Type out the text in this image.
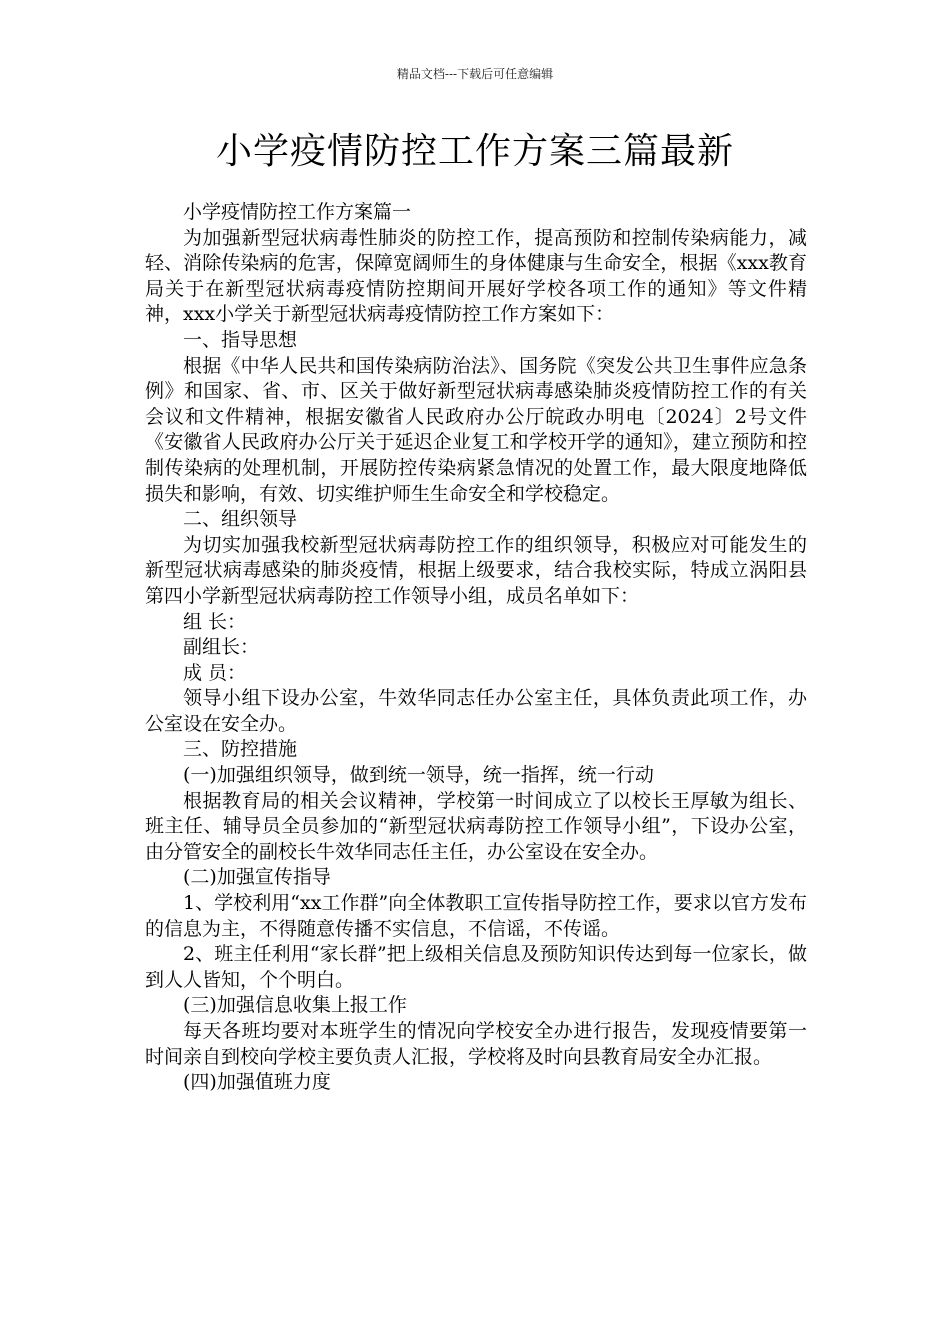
精品文档---下载后可任意编辑
小学疫情防控工作方案三篇最新

小学疫情防控工作方案篇一

为加强新型冠状病毒性肺炎的防控工作，提高预防和控制传染病能力，减轻、消除传染病的危害，保障宽阔师生的身体健康与生命安全，根据《xxx教育局关于在新型冠状病毒疫情防控期间开展好学校各项工作的通知》等文件精神，xxx小学关于新型冠状病毒疫情防控工作方案如下：

一、指导思想

根据《中华人民共和国传染病防治法》、国务院《突发公共卫生事件应急条例》和国家、省、市、区关于做好新型冠状病毒感染肺炎疫情防控工作的有关会议和文件精神，根据安徽省人民政府办公厅皖政办明电〔2024〕2号文件《安徽省人民政府办公厅关于延迟企业复工和学校开学的通知》，建立预防和控制传染病的处理机制，开展防控传染病紧急情况的处置工作，最大限度地降低损失和影响，有效、切实维护师生生命安全和学校稳定。

二、组织领导

为切实加强我校新型冠状病毒防控工作的组织领导，积极应对可能发生的新型冠状病毒感染的肺炎疫情，根据上级要求，结合我校实际，特成立涡阳县第四小学新型冠状病毒防控工作领导小组，成员名单如下：

组 长：

副组长：

成 员：

领导小组下设办公室，牛效华同志任办公室主任，具体负责此项工作，办公室设在安全办。

三、防控措施

(一)加强组织领导，做到统一领导，统一指挥，统一行动

根据教育局的相关会议精神，学校第一时间成立了以校长王厚敏为组长、班主任、辅导员全员参加的“新型冠状病毒防控工作领导小组”，下设办公室，由分管安全的副校长牛效华同志任主任，办公室设在安全办。

(二)加强宣传指导

1、学校利用“xx工作群”向全体教职工宣传指导防控工作，要求以官方发布的信息为主，不得随意传播不实信息，不信谣，不传谣。

2、班主任利用“家长群”把上级相关信息及预防知识传达到每一位家长，做到人人皆知，个个明白。

(三)加强信息收集上报工作

每天各班均要对本班学生的情况向学校安全办进行报告，发现疫情要第一时间亲自到校向学校主要负责人汇报，学校将及时向县教育局安全办汇报。

(四)加强值班力度
